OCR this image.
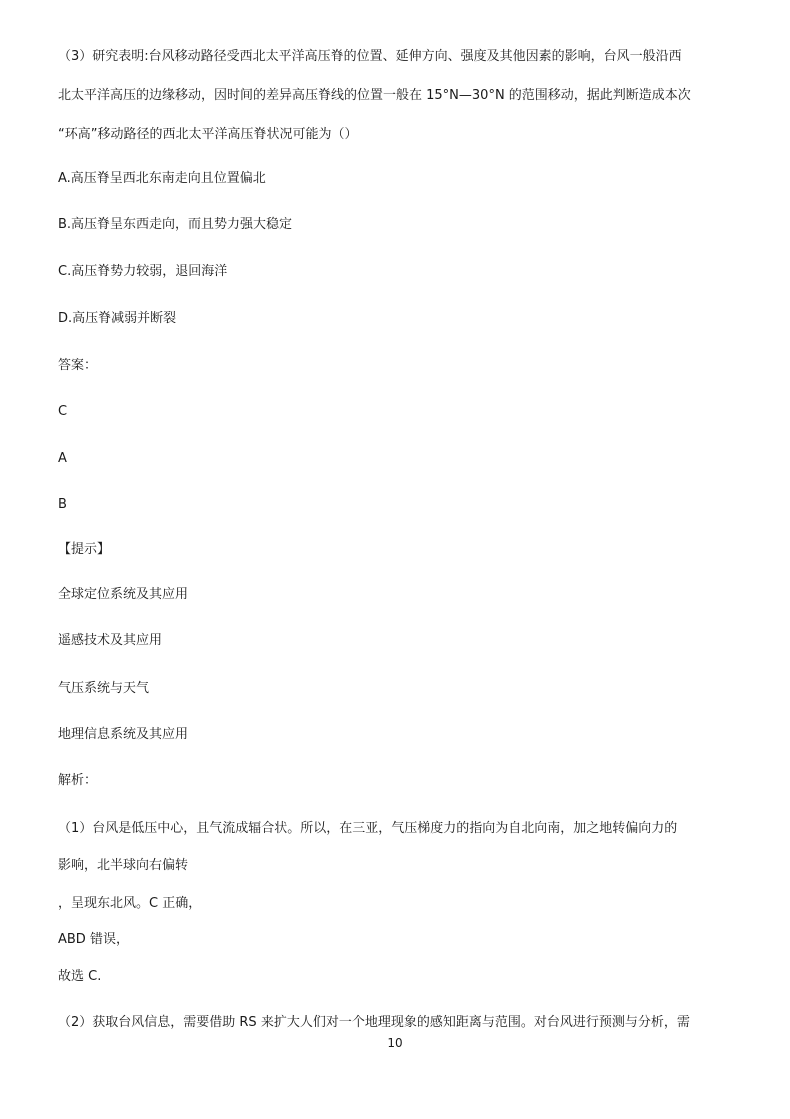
（3）研究表明:台风移动路径受西北太平洋高压脊的位置、延伸方向、强度及其他因素的影响，台风一般沿西
北太平洋高压的边缘移动，因时间的差异高压脊线的位置一般在 15°N—30°N 的范围移动，据此判断造成本次
“环高”移动路径的西北太平洋高压脊状况可能为（）
A.高压脊呈西北东南走向且位置偏北
B.高压脊呈东西走向，而且势力强大稳定
C.高压脊势力较弱，退回海洋
D.高压脊减弱并断裂
答案：
C
A
B
【提示】
全球定位系统及其应用
遥感技术及其应用
气压系统与天气
地理信息系统及其应用
解析：
（1）台风是低压中心，且气流成辐合状。所以，在三亚，气压梯度力的指向为自北向南，加之地转偏向力的
影响，北半球向右偏转
，呈现东北风。C 正确，
ABD 错误，
故选 C.
（2）获取台风信息，需要借助 RS 来扩大人们对一个地理现象的感知距离与范围。对台风进行预测与分析，需
10
